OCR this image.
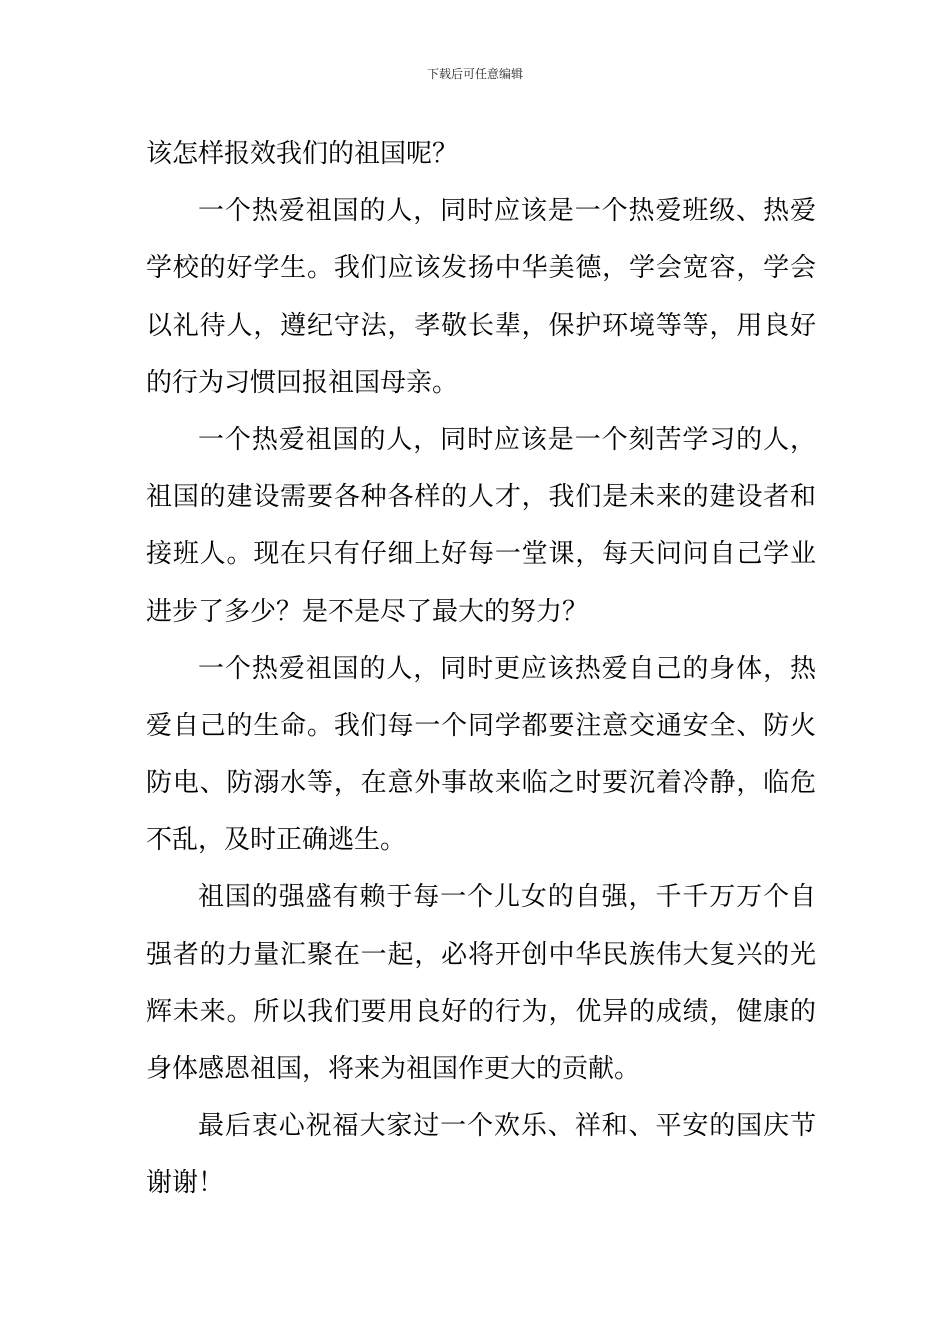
下载后可任意编辑
该怎样报效我们的祖国呢？
一个热爱祖国的人，同时应该是一个热爱班级、热爱
学校的好学生。我们应该发扬中华美德，学会宽容，学会
以礼待人，遵纪守法，孝敬长辈，保护环境等等，用良好
的行为习惯回报祖国母亲。
一个热爱祖国的人，同时应该是一个刻苦学习的人，
祖国的建设需要各种各样的人才，我们是未来的建设者和
接班人。现在只有仔细上好每一堂课，每天问问自己学业
进步了多少？是不是尽了最大的努力？
一个热爱祖国的人，同时更应该热爱自己的身体，热
爱自己的生命。我们每一个同学都要注意交通安全、防火
防电、防溺水等，在意外事故来临之时要沉着冷静，临危
不乱，及时正确逃生。
祖国的强盛有赖于每一个儿女的自强，千千万万个自
强者的力量汇聚在一起，必将开创中华民族伟大复兴的光
辉未来。所以我们要用良好的行为，优异的成绩，健康的
身体感恩祖国，将来为祖国作更大的贡献。
最后衷心祝福大家过一个欢乐、祥和、平安的国庆节
谢谢！
